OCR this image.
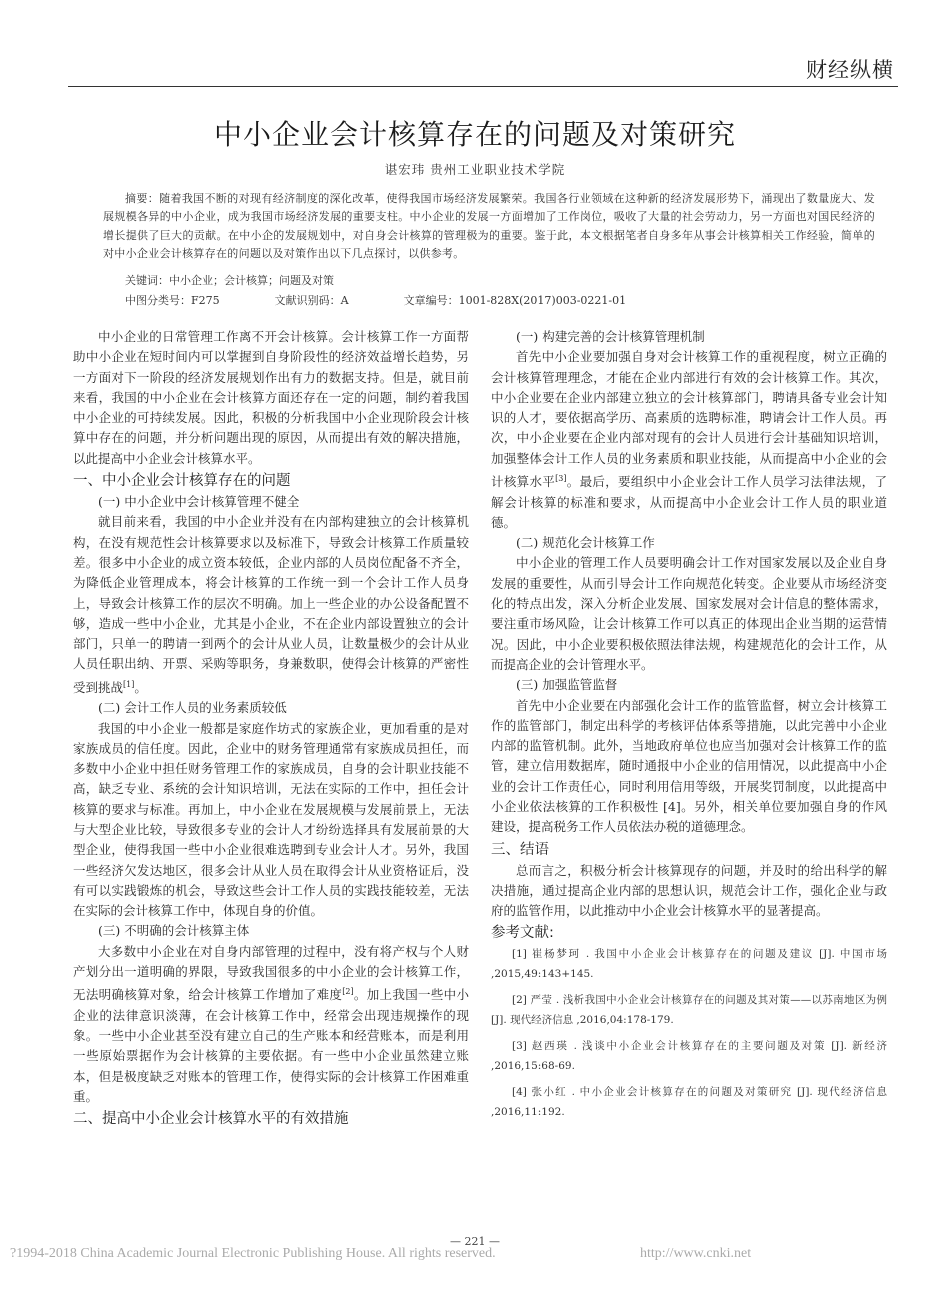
财经纵横
中小企业会计核算存在的问题及对策研究
谌宏玮 贵州工业职业技术学院
摘要：随着我国不断的对现有经济制度的深化改革，使得我国市场经济发展繁荣。我国各行业领域在这种新的经济发展形势下，涌现出了数量庞大、发展规模各异的中小企业，成为我国市场经济发展的重要支柱。中小企业的发展一方面增加了工作岗位，吸收了大量的社会劳动力，另一方面也对国民经济的增长提供了巨大的贡献。在中小企的发展规划中，对自身会计核算的管理极为的重要。鉴于此，本文根据笔者自身多年从事会计核算相关工作经验，简单的对中小企业会计核算存在的问题以及对策作出以下几点探讨，以供参考。
关键词：中小企业；会计核算；问题及对策
中图分类号：F275	文献识别码：A	文章编号：1001-828X(2017)003-0221-01

中小企业的日常管理工作离不开会计核算。会计核算工作一方面帮助中小企业在短时间内可以掌握到自身阶段性的经济效益增长趋势，另一方面对下一阶段的经济发展规划作出有力的数据支持。但是，就目前来看，我国的中小企业在会计核算方面还存在一定的问题，制约着我国中小企业的可持续发展。因此，积极的分析我国中小企业现阶段会计核算中存在的问题，并分析问题出现的原因，从而提出有效的解决措施，以此提高中小企业会计核算水平。

一、中小企业会计核算存在的问题
(一) 中小企业中会计核算管理不健全

就目前来看，我国的中小企业并没有在内部构建独立的会计核算机构，在没有规范性会计核算要求以及标准下，导致会计核算工作质量较差。很多中小企业的成立资本较低，企业内部的人员岗位配备不齐全，为降低企业管理成本，将会计核算的工作统一到一个会计工作人员身上，导致会计核算工作的层次不明确。加上一些企业的办公设备配置不够，造成一些中小企业，尤其是小企业，不在企业内部设置独立的会计部门，只单一的聘请一到两个的会计从业人员，让数量极少的会计从业人员任职出纳、开票、采购等职务，身兼数职，使得会计核算的严密性受到挑战[1]。

(二) 会计工作人员的业务素质较低

我国的中小企业一般都是家庭作坊式的家族企业，更加看重的是对家族成员的信任度。因此，企业中的财务管理通常有家族成员担任，而多数中小企业中担任财务管理工作的家族成员，自身的会计职业技能不高，缺乏专业、系统的会计知识培训，无法在实际的工作中，担任会计核算的要求与标准。再加上，中小企业在发展规模与发展前景上，无法与大型企业比较，导致很多专业的会计人才纷纷选择具有发展前景的大型企业，使得我国一些中小企业很难选聘到专业会计人才。另外，我国一些经济欠发达地区，很多会计从业人员在取得会计从业资格证后，没有可以实践锻炼的机会，导致这些会计工作人员的实践技能较差，无法在实际的会计核算工作中，体现自身的价值。

(三) 不明确的会计核算主体

大多数中小企业在对自身内部管理的过程中，没有将产权与个人财产划分出一道明确的界限，导致我国很多的中小企业的会计核算工作，无法明确核算对象，给会计核算工作增加了难度[2]。加上我国一些中小企业的法律意识淡薄，在会计核算工作中，经常会出现违规操作的现象。一些中小企业甚至没有建立自己的生产账本和经营账本，而是利用一些原始票据作为会计核算的主要依据。有一些中小企业虽然建立账本，但是极度缺乏对账本的管理工作，使得实际的会计核算工作困难重重。

二、提高中小企业会计核算水平的有效措施
(一) 构建完善的会计核算管理机制

首先中小企业要加强自身对会计核算工作的重视程度，树立正确的会计核算管理理念，才能在企业内部进行有效的会计核算工作。其次，中小企业要在企业内部建立独立的会计核算部门，聘请具备专业会计知识的人才，要依据高学历、高素质的选聘标准，聘请会计工作人员。再次，中小企业要在企业内部对现有的会计人员进行会计基础知识培训，加强整体会计工作人员的业务素质和职业技能，从而提高中小企业的会计核算水平[3]。最后，要组织中小企业会计工作人员学习法律法规，了解会计核算的标准和要求，从而提高中小企业会计工作人员的职业道德。

(二) 规范化会计核算工作

中小企业的管理工作人员要明确会计工作对国家发展以及企业自身发展的重要性，从而引导会计工作向规范化转变。企业要从市场经济变化的特点出发，深入分析企业发展、国家发展对会计信息的整体需求，要注重市场风险，让会计核算工作可以真正的体现出企业当期的运营情况。因此，中小企业要积极依照法律法规，构建规范化的会计工作，从而提高企业的会计管理水平。

(三) 加强监管监督

首先中小企业要在内部强化会计工作的监管监督，树立会计核算工作的监管部门，制定出科学的考核评估体系等措施，以此完善中小企业内部的监管机制。此外，当地政府单位也应当加强对会计核算工作的监管，建立信用数据库，随时通报中小企业的信用情况，以此提高中小企业的会计工作责任心，同时利用信用等级，开展奖罚制度，以此提高中小企业依法核算的工作积极性 [4]。另外，相关单位要加强自身的作风建设，提高税务工作人员依法办税的道德理念。

三、结语

总而言之，积极分析会计核算现存的问题，并及时的给出科学的解决措施，通过提高企业内部的思想认识，规范会计工作，强化企业与政府的监管作用，以此推动中小企业会计核算水平的显著提高。

参考文献:

[1] 崔杨梦珂 . 我国中小企业会计核算存在的问题及建议 [J]. 中国市场 ,2015,49:143+145.

[2] 严莹 . 浅析我国中小企业会计核算存在的问题及其对策——以苏南地区为例 [J]. 现代经济信息 ,2016,04:178-179.

[3] 赵西瑛 . 浅谈中小企业会计核算存在的主要问题及对策 [J]. 新经济 ,2016,15:68-69.

[4] 张小红 . 中小企业会计核算存在的问题及对策研究 [J]. 现代经济信息 ,2016,11:192.

— 221 —
?1994-2018 China Academic Journal Electronic Publishing House. All rights reserved.	http://www.cnki.net
